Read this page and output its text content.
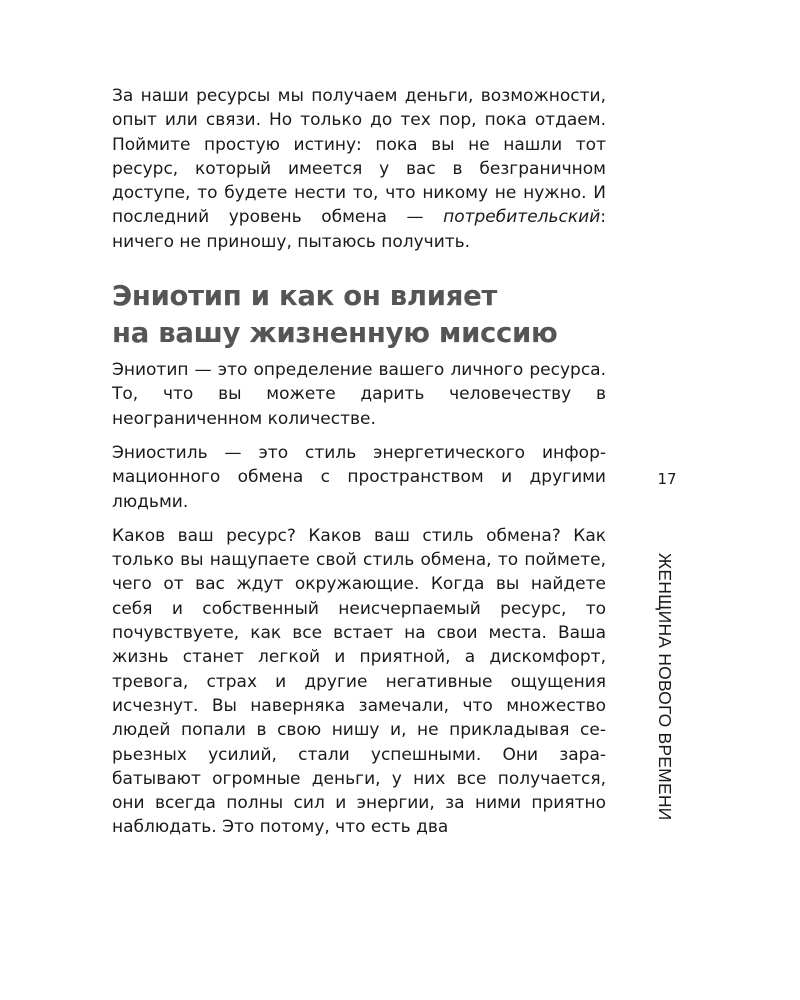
За наши ресурсы мы получаем деньги, возможности, опыт или связи. Но только до тех пор, пока отдаем. Поймите простую истину: пока вы не нашли тот ресурс, который имеется у вас в безграничном доступе, то будете нести то, что никому не нужно. И последний уровень обмена — потребительский: ничего не приношу, пытаюсь получить.

Эниотип и как он влияет
на вашу жизненную миссию

Эниотип — это определение вашего личного ресурса. То, что вы можете дарить человечеству в неограниченном количестве.

Эниостиль — это стиль энергетического информационного обмена с пространством и другими людьми.

Каков ваш ресурс? Каков ваш стиль обмена? Как только вы нащупаете свой стиль обмена, то поймете, чего от вас ждут окружающие. Когда вы найдете себя и собственный неисчерпаемый ресурс, то почувствуете, как все встает на свои места. Ваша жизнь станет легкой и приятной, а дискомфорт, тревога, страх и другие негативные ощущения исчезнут. Вы наверняка замечали, что множество людей попали в свою нишу и, не прикладывая серьезных усилий, стали успешными. Они зарабатывают огромные деньги, у них все получается, они всегда полны сил и энергии, за ними приятно наблюдать. Это потому, что есть два

17
ЖЕНЩИНА НОВОГО ВРЕМЕНИ
